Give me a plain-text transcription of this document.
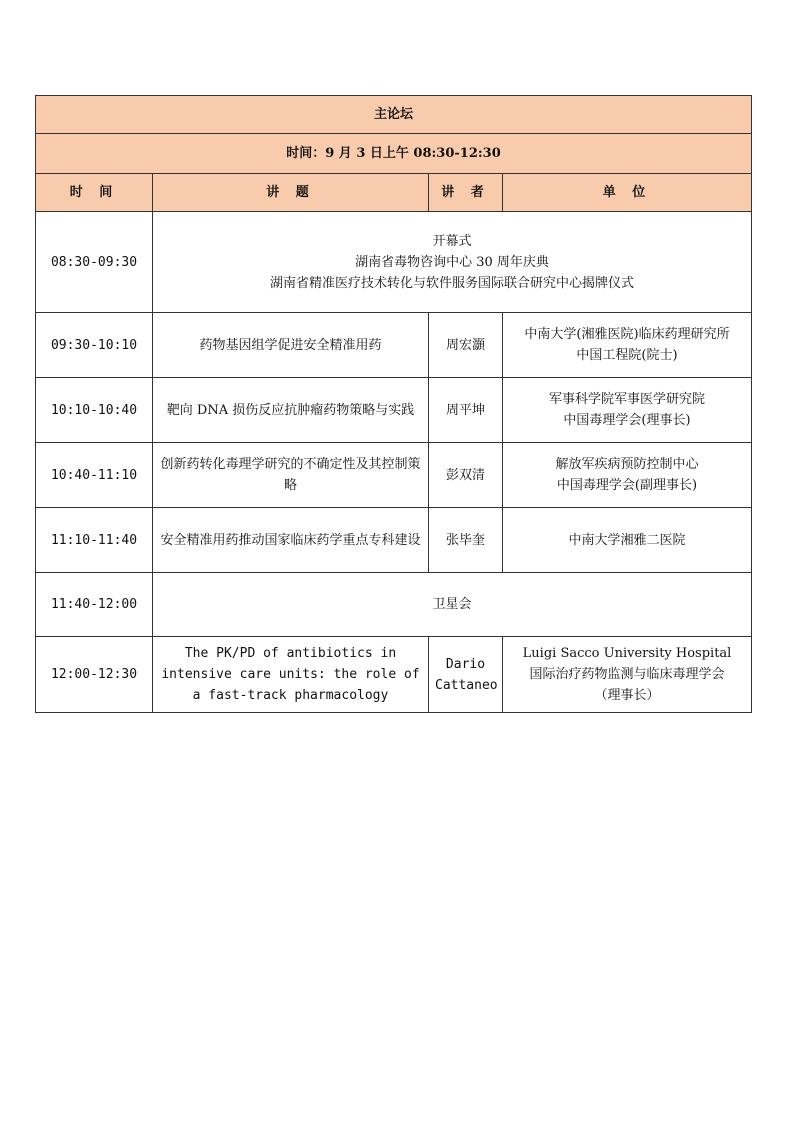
主论坛			
时间：9 月 3 日上午 08:30-12:30			
时 间	讲 题	讲 者	单 位
08:30-09:30	开幕式
湖南省毒物咨询中心 30 周年庆典
湖南省精准医疗技术转化与软件服务国际联合研究中心揭牌仪式		

09:30-10:10	药物基因组学促进安全精准用药	周宏灝	中南大学(湘雅医院)临床药理研究所
中国工程院(院士)

10:10-10:40	靶向 DNA 损伤反应抗肿瘤药物策略与实践	周平坤	军事科学院军事医学研究院
中国毒理学会(理事长)

10:40-11:10	创新药转化毒理学研究的不确定性及其控制策略	彭双清	解放军疾病预防控制中心
中国毒理学会(副理事长)

11:10-11:40	安全精准用药推动国家临床药学重点专科建设	张毕奎	中南大学湘雅二医院

11:40-12:00	卫星会		
12:00-12:30	The PK/PD of antibiotics in intensive care units: the role of a fast-track pharmacology	Dario
Cattaneo	Luigi Sacco University Hospital
国际治疗药物监测与临床毒理学会
（理事长）
